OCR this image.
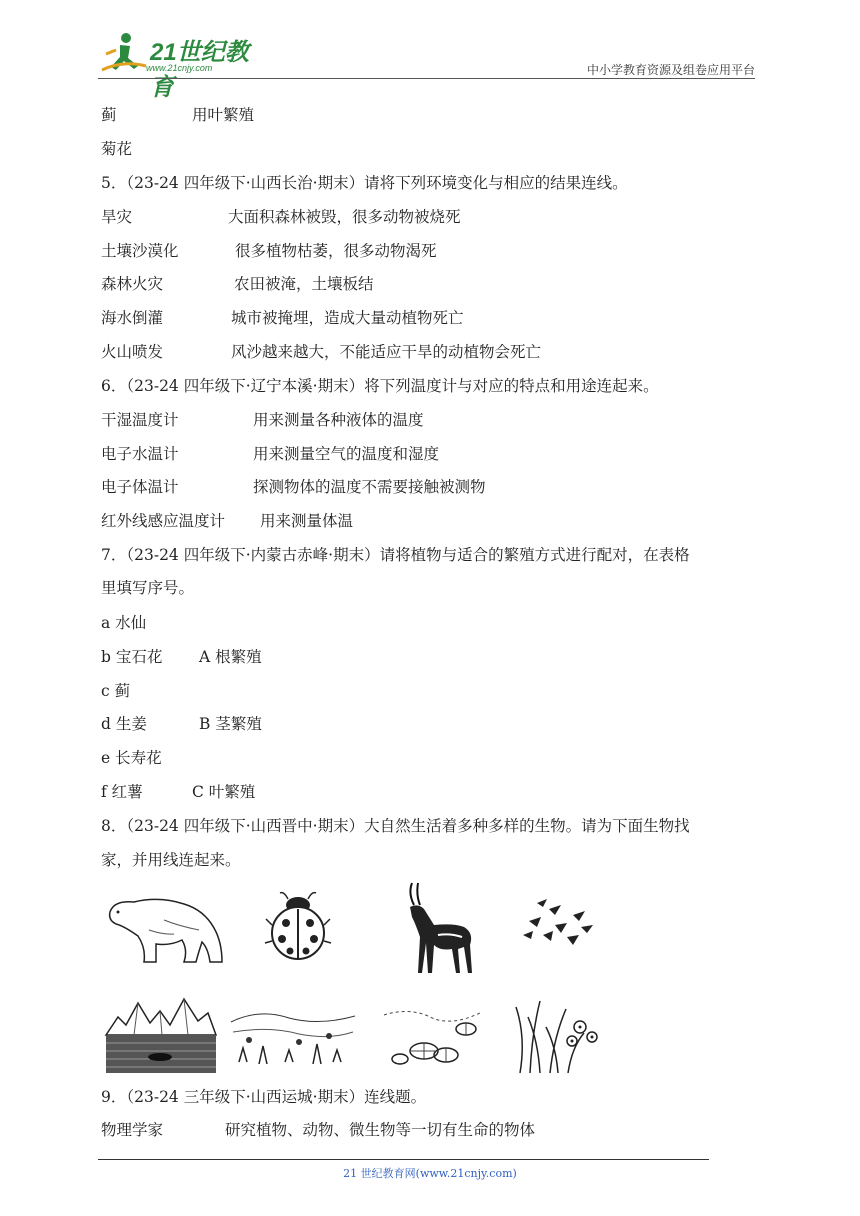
21世纪教育
www.21cnjy.com	中小学教育资源及组卷应用平台
蓟	用叶繁殖
菊花
5．（23-24 四年级下·山西长治·期末）请将下列环境变化与相应的结果连线。
旱灾	大面积森林被毁，很多动物被烧死
土壤沙漠化	很多植物枯萎，很多动物渴死
森林火灾	农田被淹，土壤板结
海水倒灌	城市被掩埋，造成大量动植物死亡
火山喷发	风沙越来越大，不能适应干旱的动植物会死亡
6．（23-24 四年级下·辽宁本溪·期末）将下列温度计与对应的特点和用途连起来。
干湿温度计	用来测量各种液体的温度
电子水温计	用来测量空气的温度和湿度
电子体温计	探测物体的温度不需要接触被测物
红外线感应温度计 用来测量体温
7．（23-24 四年级下·内蒙古赤峰·期末）请将植物与适合的繁殖方式进行配对，在表格
里填写序号。
a 水仙
b 宝石花 A 根繁殖
c 蓟
d 生姜	B 茎繁殖
e 长寿花
f 红薯	C 叶繁殖
8．（23-24 四年级下·山西晋中·期末）大自然生活着多种多样的生物。请为下面生物找
家，并用线连起来。
9．（23-24 三年级下·山西运城·期末）连线题。
物理学家	研究植物、动物、微生物等一切有生命的物体
21 世纪教育网(www.21cnjy.com)
